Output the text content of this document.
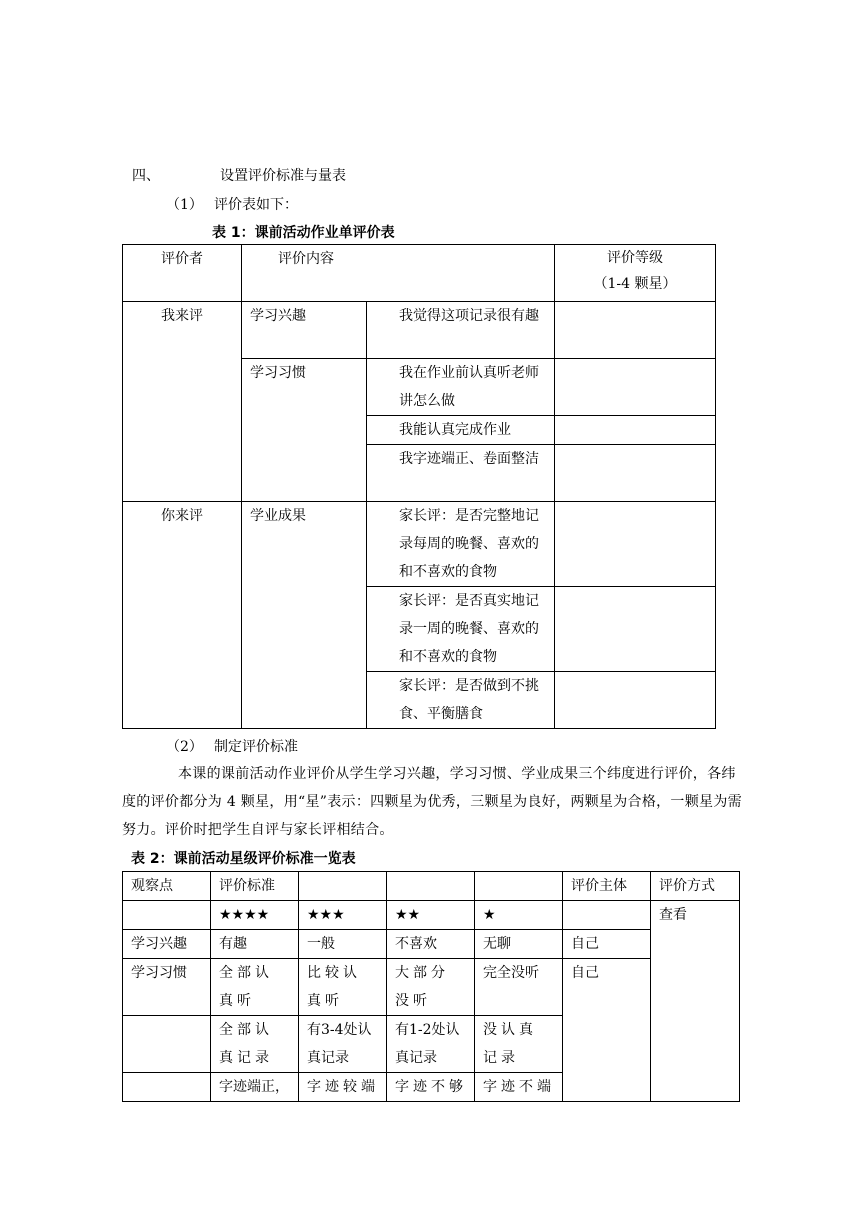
四、	设置评价标准与量表
（1） 评价表如下：
表 1：课前活动作业单评价表
评价者	评价内容		评价等级
（1-4 颗星）

我来评	学习兴趣	我觉得这项记录很有趣	
	学习习惯	我在作业前认真听老师讲怎么做	
		我能认真完成作业	
		我字迹端正、卷面整洁	
你来评	学业成果	家长评：是否完整地记录每周的晚餐、喜欢的和不喜欢的食物	
		家长评：是否真实地记录一周的晚餐、喜欢的和不喜欢的食物	
		家长评：是否做到不挑食、平衡膳食	
（2） 制定评价标准
本课的课前活动作业评价从学生学习兴趣，学习习惯、学业成果三个纬度进行评价，各纬度的评价都分为 4 颗星，用“星”表示：四颗星为优秀，三颗星为良好，两颗星为合格，一颗星为需努力。评价时把学生自评与家长评相结合。
表 2：课前活动星级评价标准一览表
观察点	评价标准				评价主体	评价方式
	★★★★	★★★	★★	★		查看
学习兴趣	有趣	一般	不喜欢	无聊	自己	
学习习惯	全部认真听	比较认真听	大部分没听	完全没听	自己	
	全部认真记录	有3-4处认真记录	有1-2处认真记录	没认真记录		
	字迹端正，	字迹较端	字迹不够	字迹不端		
